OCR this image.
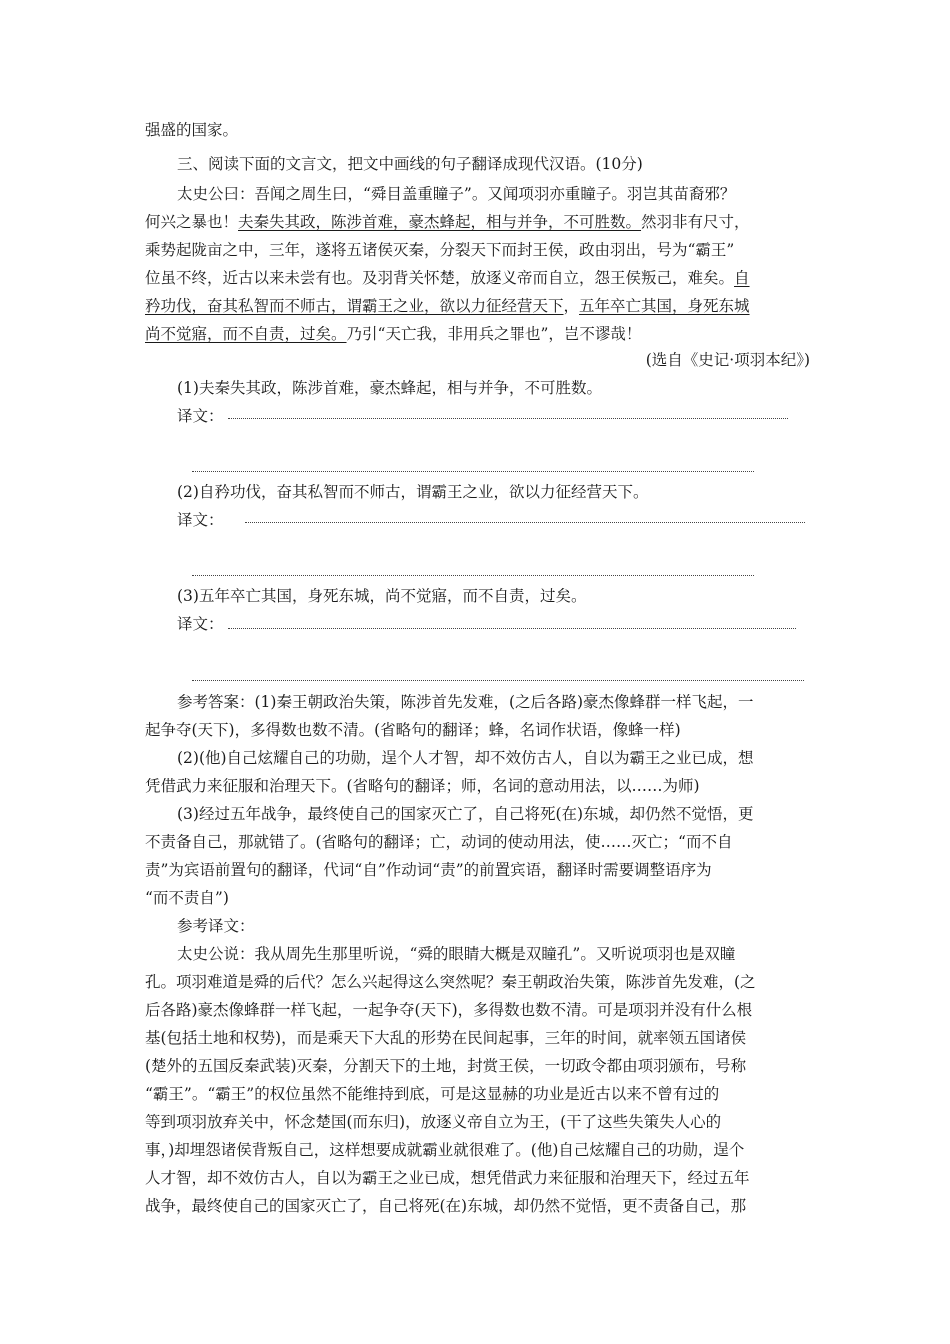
强盛的国家。

三、阅读下面的文言文，把文中画线的句子翻译成现代汉语。(10分)

太史公曰：吾闻之周生曰，“舜目盖重瞳子”。又闻项羽亦重瞳子。羽岂其苗裔邪？

何兴之暴也！夫秦失其政，陈涉首难，豪杰蜂起，相与并争，不可胜数。然羽非有尺寸，

乘势起陇亩之中，三年，遂将五诸侯灭秦，分裂天下而封王侯，政由羽出，号为“霸王”

位虽不终，近古以来未尝有也。及羽背关怀楚，放逐义帝而自立，怨王侯叛己，难矣。自

矜功伐，奋其私智而不师古，谓霸王之业，欲以力征经营天下，五年卒亡其国，身死东城

尚不觉寤，而不自责，过矣。乃引“天亡我，非用兵之罪也”，岂不谬哉！

(选自《史记·项羽本纪》)

(1)夫秦失其政，陈涉首难，豪杰蜂起，相与并争，不可胜数。

译文：

(2)自矜功伐，奋其私智而不师古，谓霸王之业，欲以力征经营天下。

译文：

(3)五年卒亡其国，身死东城，尚不觉寤，而不自责，过矣。

译文：

参考答案：(1)秦王朝政治失策，陈涉首先发难，(之后各路)豪杰像蜂群一样飞起，一

起争夺(天下)，多得数也数不清。(省略句的翻译；蜂，名词作状语，像蜂一样)

(2)(他)自己炫耀自己的功勋，逞个人才智，却不效仿古人，自以为霸王之业已成，想

凭借武力来征服和治理天下。(省略句的翻译；师，名词的意动用法，以……为师)

(3)经过五年战争，最终使自己的国家灭亡了，自己将死(在)东城，却仍然不觉悟，更

不责备自己，那就错了。(省略句的翻译；亡，动词的使动用法，使……灭亡；“而不自

责”为宾语前置句的翻译，代词“自”作动词“责”的前置宾语，翻译时需要调整语序为

“而不责自”)

参考译文：

太史公说：我从周先生那里听说，“舜的眼睛大概是双瞳孔”。又听说项羽也是双瞳

孔。项羽难道是舜的后代？怎么兴起得这么突然呢？秦王朝政治失策，陈涉首先发难，(之

后各路)豪杰像蜂群一样飞起，一起争夺(天下)，多得数也数不清。可是项羽并没有什么根

基(包括土地和权势)，而是乘天下大乱的形势在民间起事，三年的时间，就率领五国诸侯

(楚外的五国反秦武装)灭秦，分割天下的土地，封赏王侯，一切政令都由项羽颁布，号称

“霸王”。“霸王”的权位虽然不能维持到底，可是这显赫的功业是近古以来不曾有过的

等到项羽放弃关中，怀念楚国(而东归)，放逐义帝自立为王，(干了这些失策失人心的

事，)却埋怨诸侯背叛自己，这样想要成就霸业就很难了。(他)自己炫耀自己的功勋，逞个

人才智，却不效仿古人，自以为霸王之业已成，想凭借武力来征服和治理天下，经过五年

战争，最终使自己的国家灭亡了，自己将死(在)东城，却仍然不觉悟，更不责备自己，那
